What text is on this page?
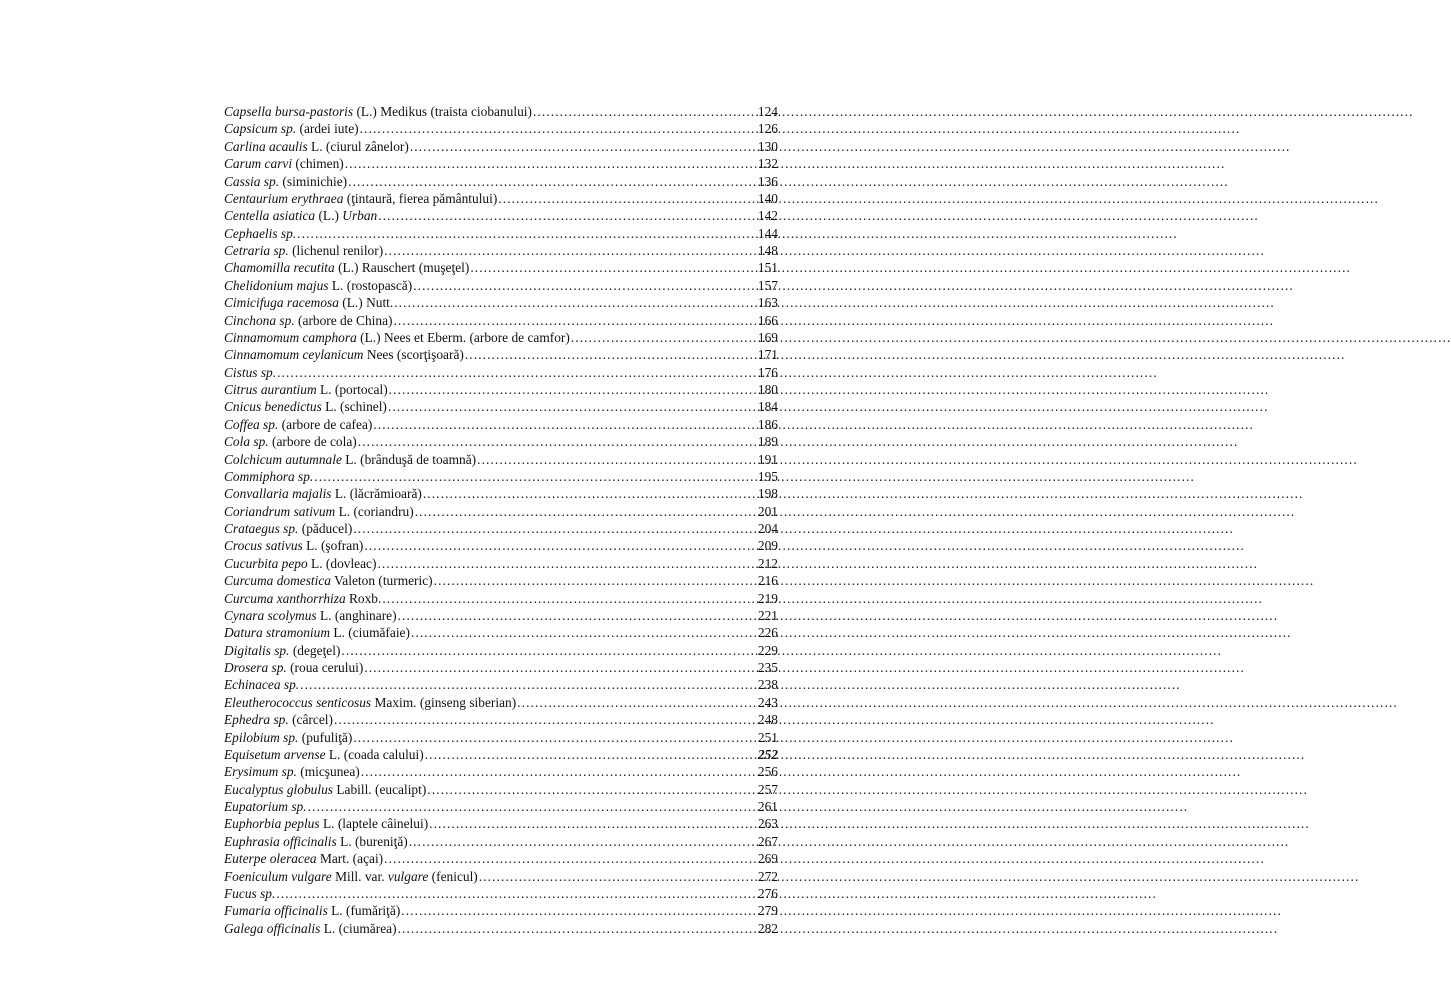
Capsella bursa-pastoris (L.) Medikus (traista ciobanului) .....	124
Capsicum sp. (ardei iute) .....	126
Carlina acaulis L. (ciurul zânelor) .....	130
Carum carvi (chimen) .....	132
Cassia sp. (siminichie) .....	136
Centaurium erythraea (ţintaură, fierea pământului) .....	140
Centella asiatica (L.) Urban .....	142
Cephaelis sp. .....	144
Cetraria sp. (lichenul renilor) .....	148
Chamomilla recutita (L.) Rauschert (muşeţel) .....	151
Chelidonium majus L. (rostopască) .....	157
Cimicifuga racemosa (L.) Nutt. .....	163
Cinchona sp. (arbore de China) .....	166
Cinnamomum camphora (L.) Nees et Eberm. (arbore de camfor) .....	169
Cinnamomum ceylanicum Nees (scorţişoară) .....	171
Cistus sp. .....	176
Citrus aurantium L. (portocal) .....	180
Cnicus benedictus L. (schinel) .....	184
Coffea sp. (arbore de cafea) .....	186
Cola sp. (arbore de cola) .....	189
Colchicum autumnale L. (brânduşă de toamnă) .....	191
Commiphora sp. .....	195
Convallaria majalis L. (lăcrămioară) .....	198
Coriandrum sativum L. (coriandru) .....	201
Crataegus sp. (păducel) .....	204
Crocus sativus L. (şofran) .....	209
Cucurbita pepo L. (dovleac) .....	212
Curcuma domestica Valeton (turmeric) .....	216
Curcuma xanthorrhiza Roxb. .....	219
Cynara scolymus L. (anghinare) .....	221
Datura stramonium L. (ciumăfaie) .....	226
Digitalis sp. (degeţel) .....	229
Drosera sp. (roua cerului) .....	235
Echinacea sp. .....	238
Eleutherococcus senticosus Maxim. (ginseng siberian) .....	243
Ephedra sp. (cârcel) .....	248
Epilobium sp. (pufuliţă) .....	251
Equisetum arvense L. (coada calului) .....	252
Erysimum sp. (micşunea) .....	256
Eucalyptus globulus Labill. (eucalipt) .....	257
Eupatorium sp. .....	261
Euphorbia peplus L. (laptele câinelui) .....	263
Euphrasia officinalis L. (bureniţă) .....	267
Euterpe oleracea Mart. (açai) .....	269
Foeniculum vulgare Mill. var. vulgare (fenicul) .....	272
Fucus sp. .....	276
Fumaria officinalis L. (fumăriţă) .....	279
Galega officinalis L. (ciumărea) .....	282
